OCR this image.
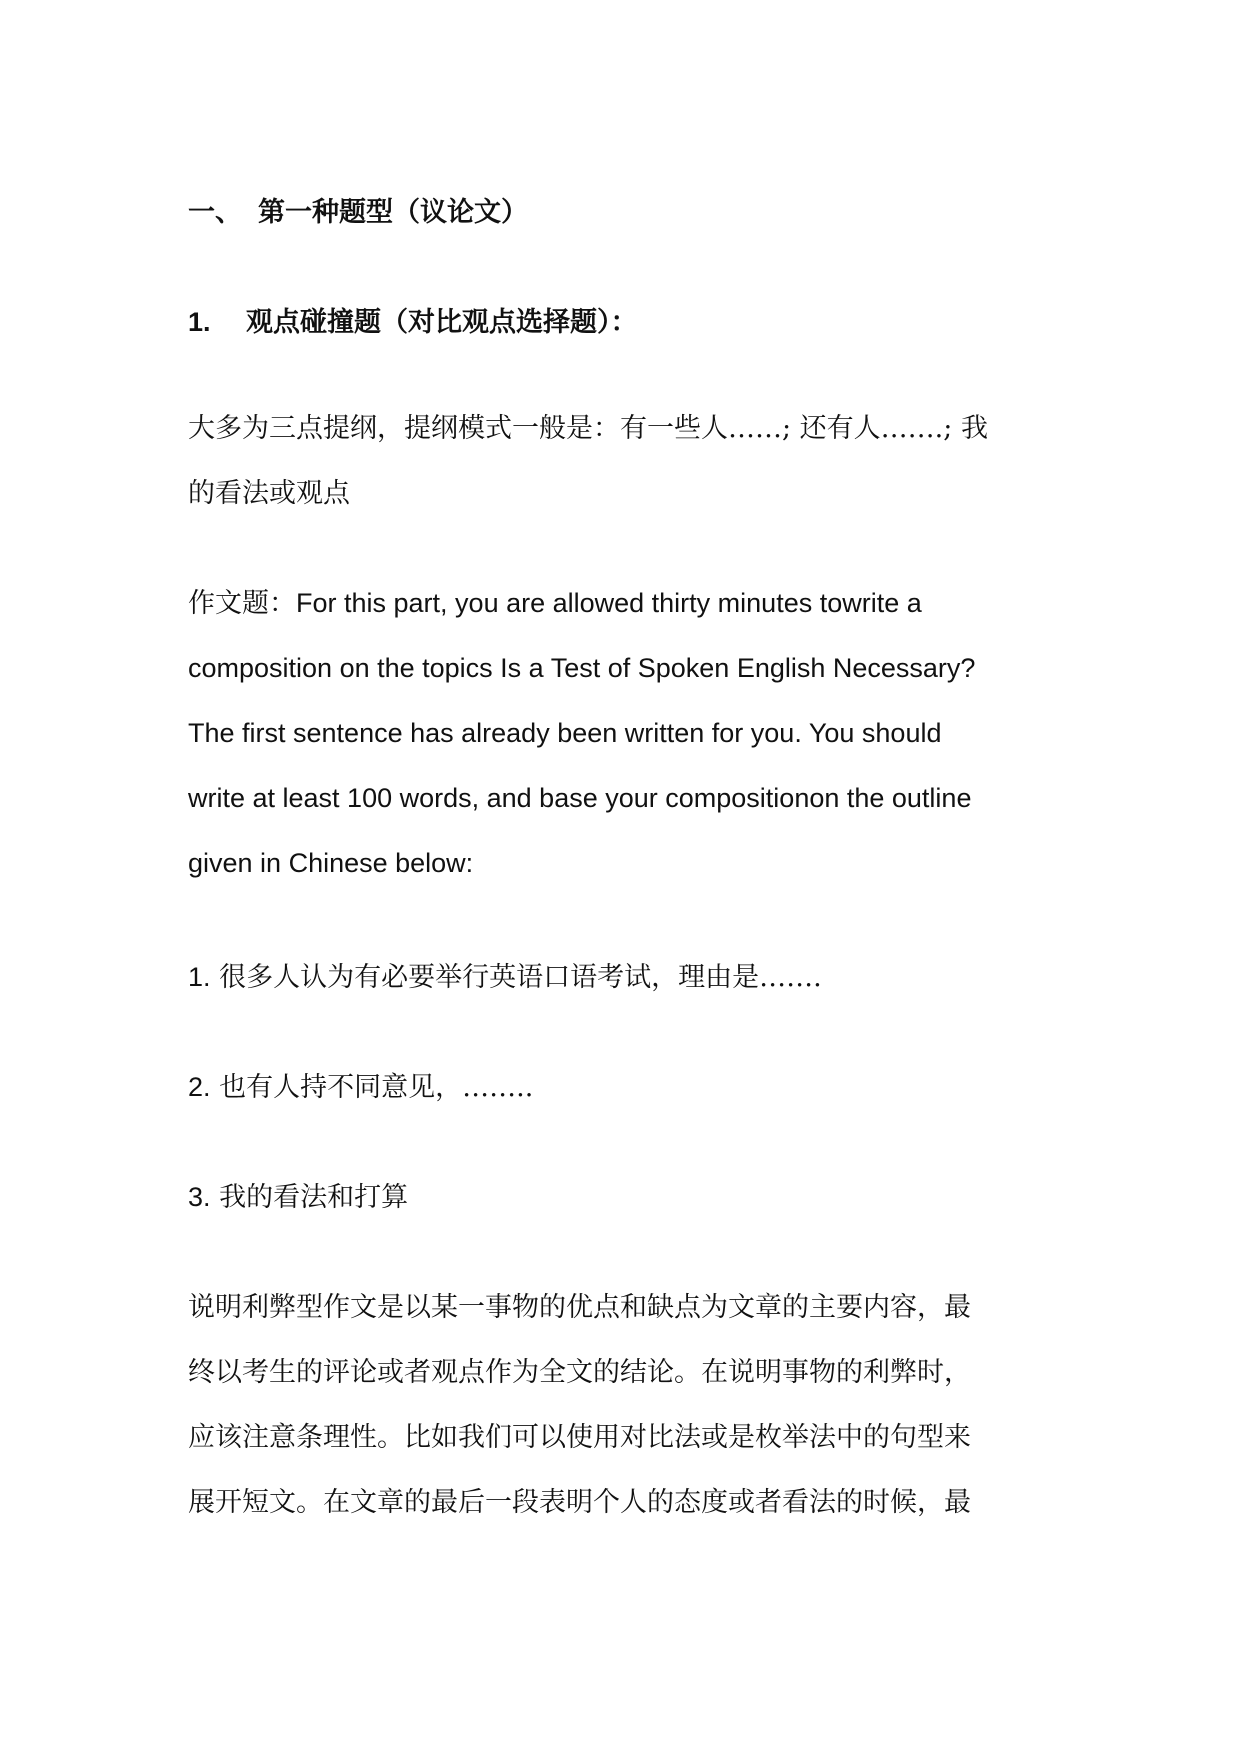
一、 第一种题型（议论文）
1. 观点碰撞题（对比观点选择题）：
大多为三点提纲，提纲模式一般是：有一些人……; 还有人…….; 我
的看法或观点
作文题：For this part, you are allowed thirty minutes towrite a
composition on the topics Is a Test of Spoken English Necessary?
The first sentence has already been written for you. You should
write at least 100 words, and base your compositionon the outline
given in Chinese below:
1. 很多人认为有必要举行英语口语考试，理由是…….
2. 也有人持不同意见，……..
3. 我的看法和打算
说明利弊型作文是以某一事物的优点和缺点为文章的主要内容，最
终以考生的评论或者观点作为全文的结论。在说明事物的利弊时，
应该注意条理性。比如我们可以使用对比法或是枚举法中的句型来
展开短文。在文章的最后一段表明个人的态度或者看法的时候，最
